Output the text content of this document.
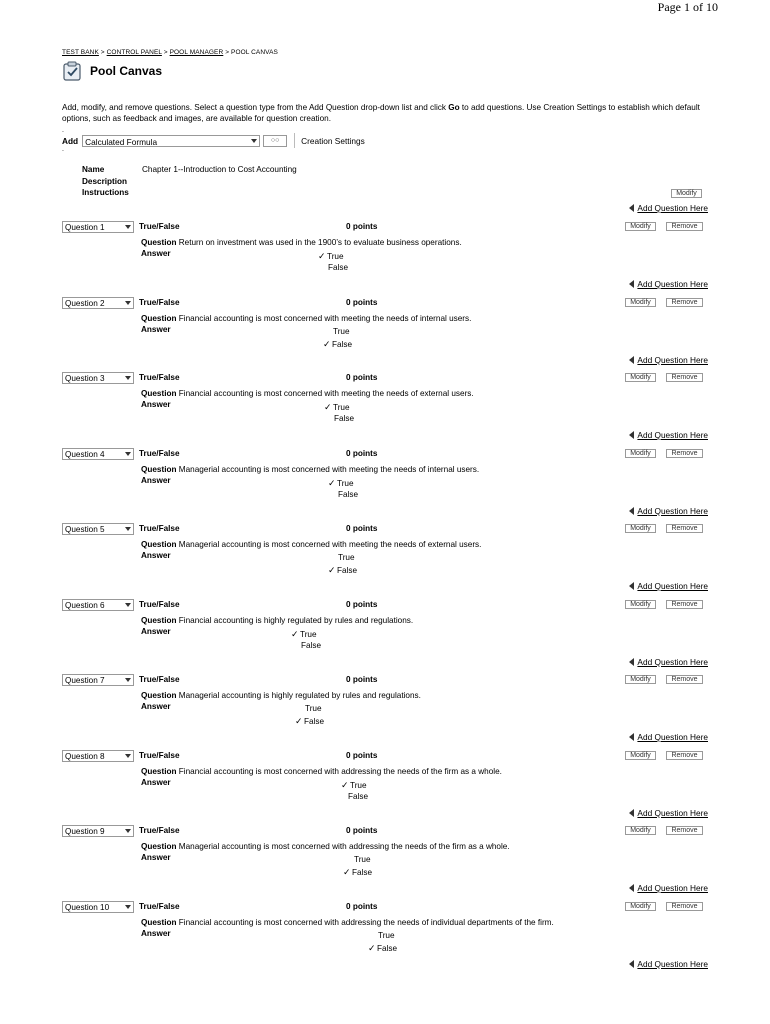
Page 1 of 10
TEST BANK > CONTROL PANEL > POOL MANAGER > POOL CANVAS
Pool Canvas
Add, modify, and remove questions. Select a question type from the Add Question drop-down list and click Go to add questions. Use Creation Settings to establish which default options, such as feedback and images, are available for question creation.
.
Add Calculated Formula	○○	Creation Settings
.
Name	Chapter 1--Introduction to Cost Accounting
Description
Instructions	Modify
Add Question Here
Question 1	True/False	0 points	Modify	Remove
Question Return on investment was used in the 1900’s to evaluate business operations.
Answer	✓True
False
Add Question Here
Question 2	True/False	0 points	Modify	Remove
Question Financial accounting is most concerned with meeting the needs of internal users.
Answer	True
✓False
Add Question Here
Question 3	True/False	0 points	Modify	Remove
Question Financial accounting is most concerned with meeting the needs of external users.
Answer	✓True
False
Add Question Here
Question 4	True/False	0 points	Modify	Remove
Question Managerial accounting is most concerned with meeting the needs of internal users.
Answer	✓True
False
Add Question Here
Question 5	True/False	0 points	Modify	Remove
Question Managerial accounting is most concerned with meeting the needs of external users.
Answer	True
✓False
Add Question Here
Question 6	True/False	0 points	Modify	Remove
Question Financial accounting is highly regulated by rules and regulations.
Answer	✓True
False
Add Question Here
Question 7	True/False	0 points	Modify	Remove
Question Managerial accounting is highly regulated by rules and regulations.
Answer	True
✓False
Add Question Here
Question 8	True/False	0 points	Modify	Remove
Question Financial accounting is most concerned with addressing the needs of the firm as a whole.
Answer	✓True
False
Add Question Here
Question 9	True/False	0 points	Modify	Remove
Question Managerial accounting is most concerned with addressing the needs of the firm as a whole.
Answer	True
✓False
Add Question Here
Question 10	True/False	0 points	Modify	Remove
Question Financial accounting is most concerned with addressing the needs of individual departments of the firm.
Answer	True
✓False
Add Question Here
